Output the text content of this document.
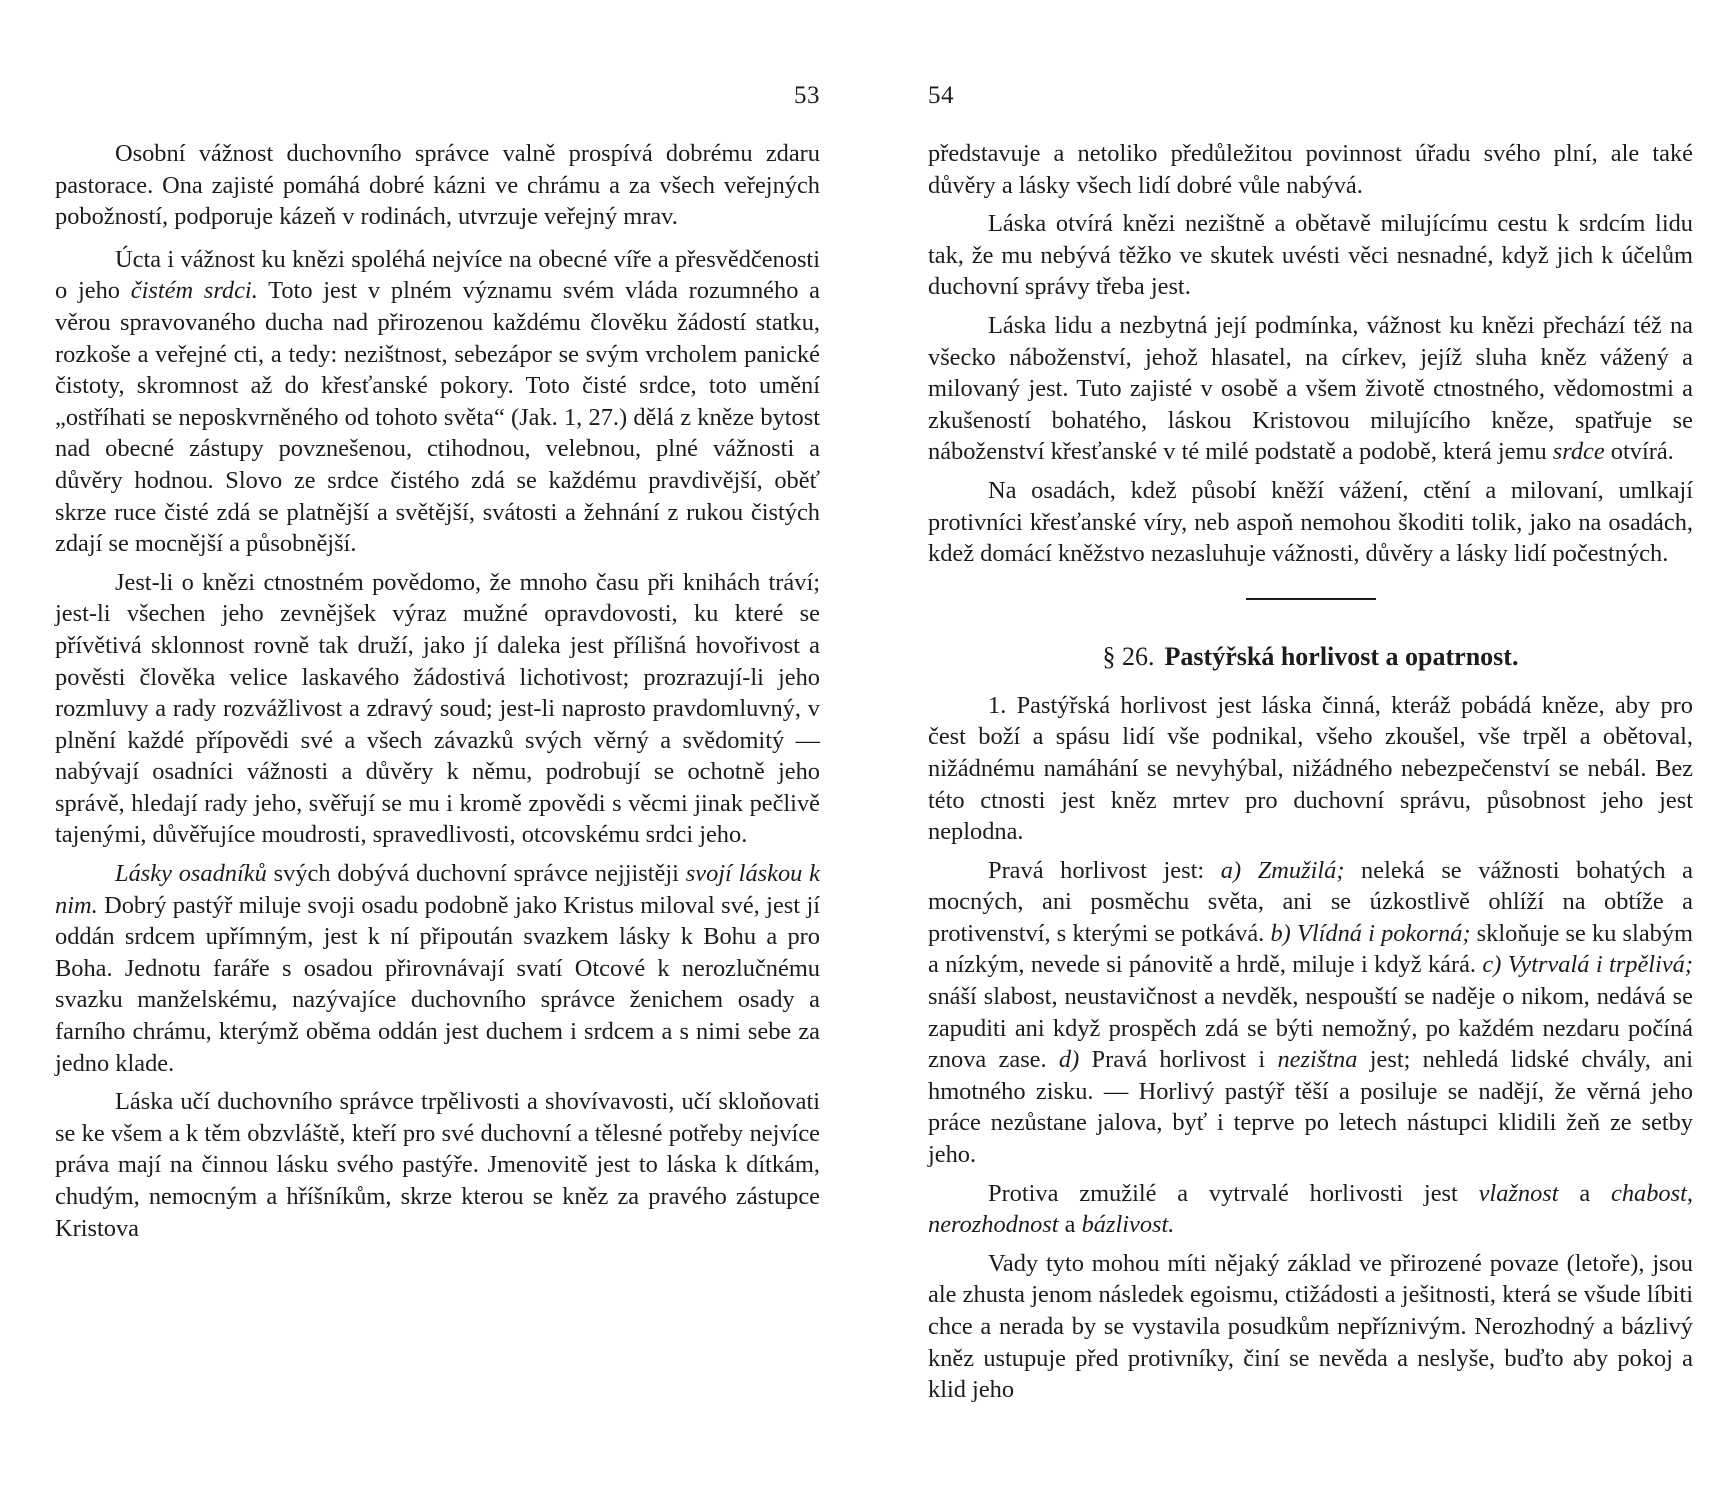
53

Osobní vážnost duchovního správce valně prospívá dobrému zdaru pastorace. Ona zajisté pomáhá dobré kázni ve chrámu a za všech veřejných pobožností, podporuje kázeň v rodinách, utvrzuje veřejný mrav.

Úcta i vážnost ku knězi spoléhá nejvíce na obecné víře a přesvědčenosti o jeho čistém srdci. Toto jest v plném významu svém vláda rozumného a věrou spravovaného ducha nad přirozenou každému člověku žádostí statku, rozkoše a veřejné cti, a tedy: nezištnost, sebezápor se svým vrcholem panické čistoty, skromnost až do křesťanské pokory. Toto čisté srdce, toto umění „ostříhati se neposkvrněného od tohoto světa“ (Jak. 1, 27.) dělá z kněze bytost nad obecné zástupy povznešenou, ctihodnou, velebnou, plné vážnosti a důvěry hodnou. Slovo ze srdce čistého zdá se každému pravdivější, oběť skrze ruce čisté zdá se platnější a světější, svátosti a žehnání z rukou čistých zdají se mocnější a působnější.

Jest-li o knězi ctnostném povědomo, že mnoho času při knihách tráví; jest-li všechen jeho zevnějšek výraz mužné opravdovosti, ku které se přívětivá sklonnost rovně tak druží, jako jí daleka jest přílišná hovořivost a pověsti člověka velice laskavého žádostivá lichotivost; prozrazují-li jeho rozmluvy a rady rozvážlivost a zdravý soud; jest-li naprosto pravdomluvný, v plnění každé přípovědi své a všech závazků svých věrný a svědomitý — nabývají osadníci vážnosti a důvěry k němu, podrobují se ochotně jeho správě, hledají rady jeho, svěřují se mu i kromě zpovědi s věcmi jinak pečlivě tajenými, důvěřujíce moudrosti, spravedlivosti, otcovskému srdci jeho.

Lásky osadníků svých dobývá duchovní správce nejjistěji svojí láskou k nim. Dobrý pastýř miluje svoji osadu podobně jako Kristus miloval své, jest jí oddán srdcem upřímným, jest k ní připoután svazkem lásky k Bohu a pro Boha. Jednotu faráře s osadou přirovnávají svatí Otcové k nerozlučnému svazku manželskému, nazývajíce duchovního správce ženichem osady a farního chrámu, kterýmž oběma oddán jest duchem i srdcem a s nimi sebe za jedno klade.

Láska učí duchovního správce trpělivosti a shovívavosti, učí skloňovati se ke všem a k těm obzvláště, kteří pro své duchovní a tělesné potřeby nejvíce práva mají na činnou lásku svého pastýře. Jmenovitě jest to láska k dítkám, chudým, nemocným a hříšníkům, skrze kterou se kněz za pravého zástupce Kristova

54

představuje a netoliko předůležitou povinnost úřadu svého plní, ale také důvěry a lásky všech lidí dobré vůle nabývá.

Láska otvírá knězi nezištně a obětavě milujícímu cestu k srdcím lidu tak, že mu nebývá těžko ve skutek uvésti věci nesnadné, když jich k účelům duchovní správy třeba jest.

Láska lidu a nezbytná její podmínka, vážnost ku knězi přechází též na všecko náboženství, jehož hlasatel, na církev, jejíž sluha kněz vážený a milovaný jest. Tuto zajisté v osobě a všem životě ctnostného, vědomostmi a zkušeností bohatého, láskou Kristovou milujícího kněze, spatřuje se náboženství křesťanské v té milé podstatě a podobě, která jemu srdce otvírá.

Na osadách, kdež působí kněží vážení, ctění a milovaní, umlkají protivníci křesťanské víry, neb aspoň nemohou škoditi tolik, jako na osadách, kdež domácí kněžstvo nezasluhuje vážnosti, důvěry a lásky lidí počestných.

§ 26. Pastýřská horlivost a opatrnost.

1. Pastýřská horlivost jest láska činná, kteráž pobádá kněze, aby pro čest boží a spásu lidí vše podnikal, všeho zkoušel, vše trpěl a obětoval, nižádnému namáhání se nevyhýbal, nižádného nebezpečenství se nebál. Bez této ctnosti jest kněz mrtev pro duchovní správu, působnost jeho jest neplodna.

Pravá horlivost jest: a) Zmužilá; neleká se vážnosti bohatých a mocných, ani posměchu světa, ani se úzkostlivě ohlíží na obtíže a protivenství, s kterými se potkává. b) Vlídná i pokorná; skloňuje se ku slabým a nízkým, nevede si pánovitě a hrdě, miluje i když kárá. c) Vytrvalá i trpělivá; snáší slabost, neustavičnost a nevděk, nespouští se naděje o nikom, nedává se zapuditi ani když prospěch zdá se býti nemožný, po každém nezdaru počíná znova zase. d) Pravá horlivost i nezištna jest; nehledá lidské chvály, ani hmotného zisku. — Horlivý pastýř těší a posiluje se nadějí, že věrná jeho práce nezůstane jalova, byť i teprve po letech nástupci klidili žeň ze setby jeho.

Protiva zmužilé a vytrvalé horlivosti jest vlažnost a chabost, nerozhodnost a bázlivost.

Vady tyto mohou míti nějaký základ ve přirozené povaze (letoře), jsou ale zhusta jenom následek egoismu, ctižádosti a ješitnosti, která se všude líbiti chce a nerada by se vystavila posudkům nepříznivým. Nerozhodný a bázlivý kněz ustupuje před protivníky, činí se nevěda a neslyše, buďto aby pokoj a klid jeho
